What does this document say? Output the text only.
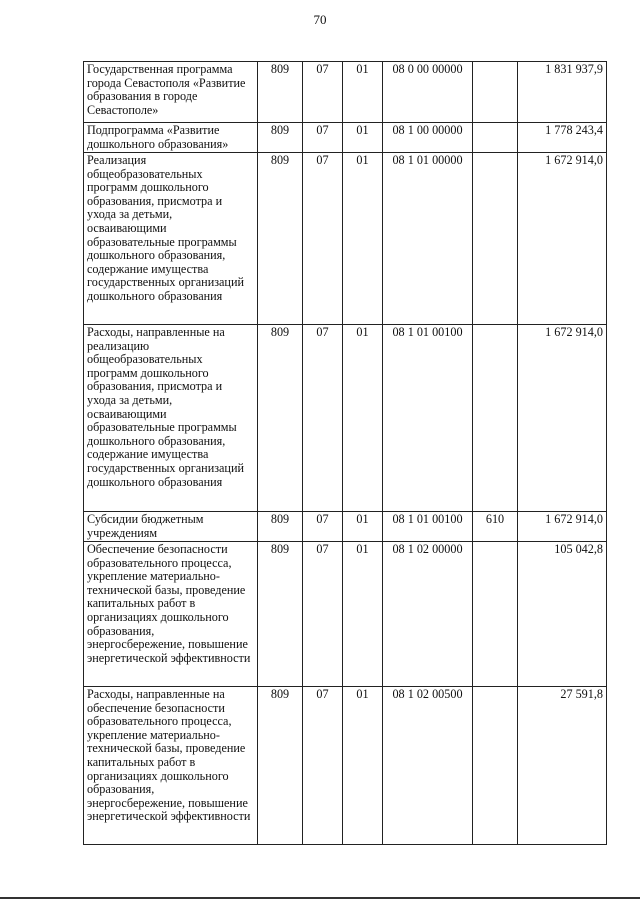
70
Государственная программа города Севастополя «Развитие образования в городе Севастополе»	809	07	01	08 0 00 00000		1 831 937,9
Подпрограмма «Развитие дошкольного образования»	809	07	01	08 1 00 00000		1 778 243,4
Реализация общеобразовательных программ дошкольного образования, присмотра и ухода за детьми, осваивающими образовательные программы дошкольного образования, содержание имущества государственных организаций дошкольного образования	809	07	01	08 1 01 00000		1 672 914,0
Расходы, направленные на реализацию общеобразовательных программ дошкольного образования, присмотра и ухода за детьми, осваивающими образовательные программы дошкольного образования, содержание имущества государственных организаций дошкольного образования	809	07	01	08 1 01 00100		1 672 914,0
Субсидии бюджетным учреждениям	809	07	01	08 1 01 00100	610	1 672 914,0
Обеспечение безопасности образовательного процесса, укрепление материально-технической базы, проведение капитальных работ в организациях дошкольного образования, энергосбережение, повышение энергетической эффективности	809	07	01	08 1 02 00000		105 042,8
Расходы, направленные на обеспечение безопасности образовательного процесса, укрепление материально-технической базы, проведение капитальных работ в организациях дошкольного образования, энергосбережение, повышение энергетической эффективности	809	07	01	08 1 02 00500		27 591,8
